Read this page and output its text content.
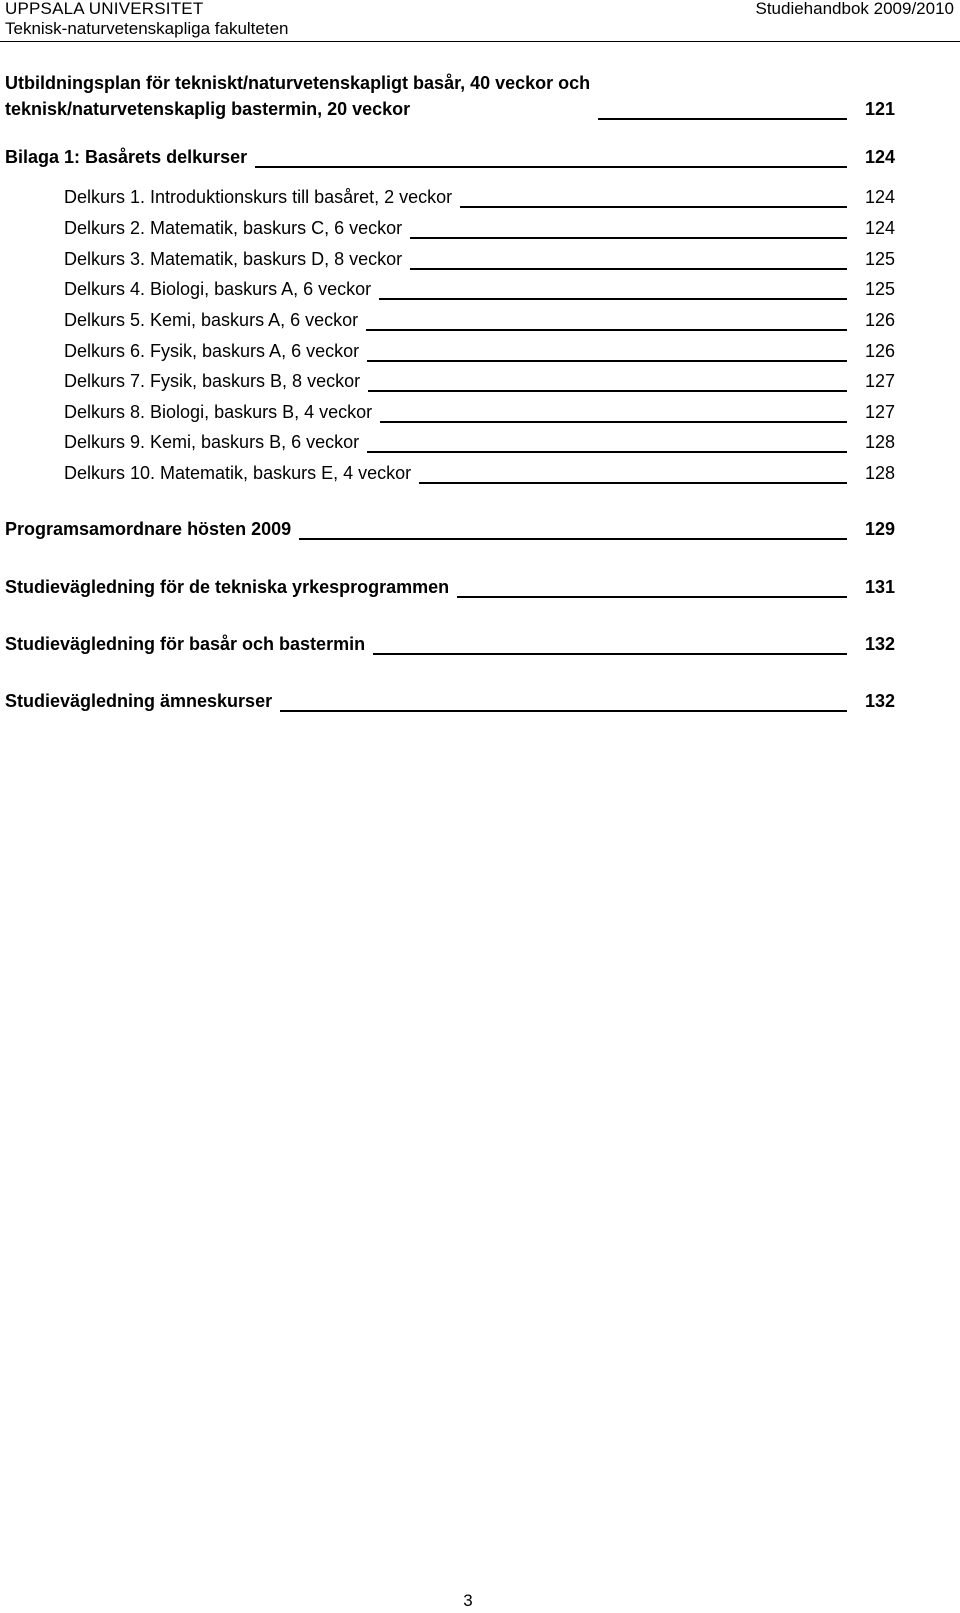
UPPSALA UNIVERSITET
Teknisk-naturvetenskapliga fakulteten
Studiehandbok 2009/2010
Utbildningsplan för tekniskt/naturvetenskapligt basår, 40 veckor och
teknisk/naturvetenskaplig bastermin, 20 veckor	121
Bilaga 1: Basårets delkurser	124
Delkurs 1. Introduktionskurs till basåret, 2 veckor	124
Delkurs 2. Matematik, baskurs C, 6 veckor	124
Delkurs 3. Matematik, baskurs D, 8 veckor	125
Delkurs 4. Biologi, baskurs A, 6 veckor	125
Delkurs 5. Kemi, baskurs A, 6 veckor	126
Delkurs 6. Fysik, baskurs A, 6 veckor	126
Delkurs 7. Fysik, baskurs B, 8 veckor	127
Delkurs 8. Biologi, baskurs B, 4 veckor	127
Delkurs 9. Kemi, baskurs B, 6 veckor	128
Delkurs 10. Matematik, baskurs E, 4 veckor	128
Programsamordnare hösten 2009	129
Studievägledning för de tekniska yrkesprogrammen	131
Studievägledning för basår och bastermin	132
Studievägledning ämneskurser	132
3
